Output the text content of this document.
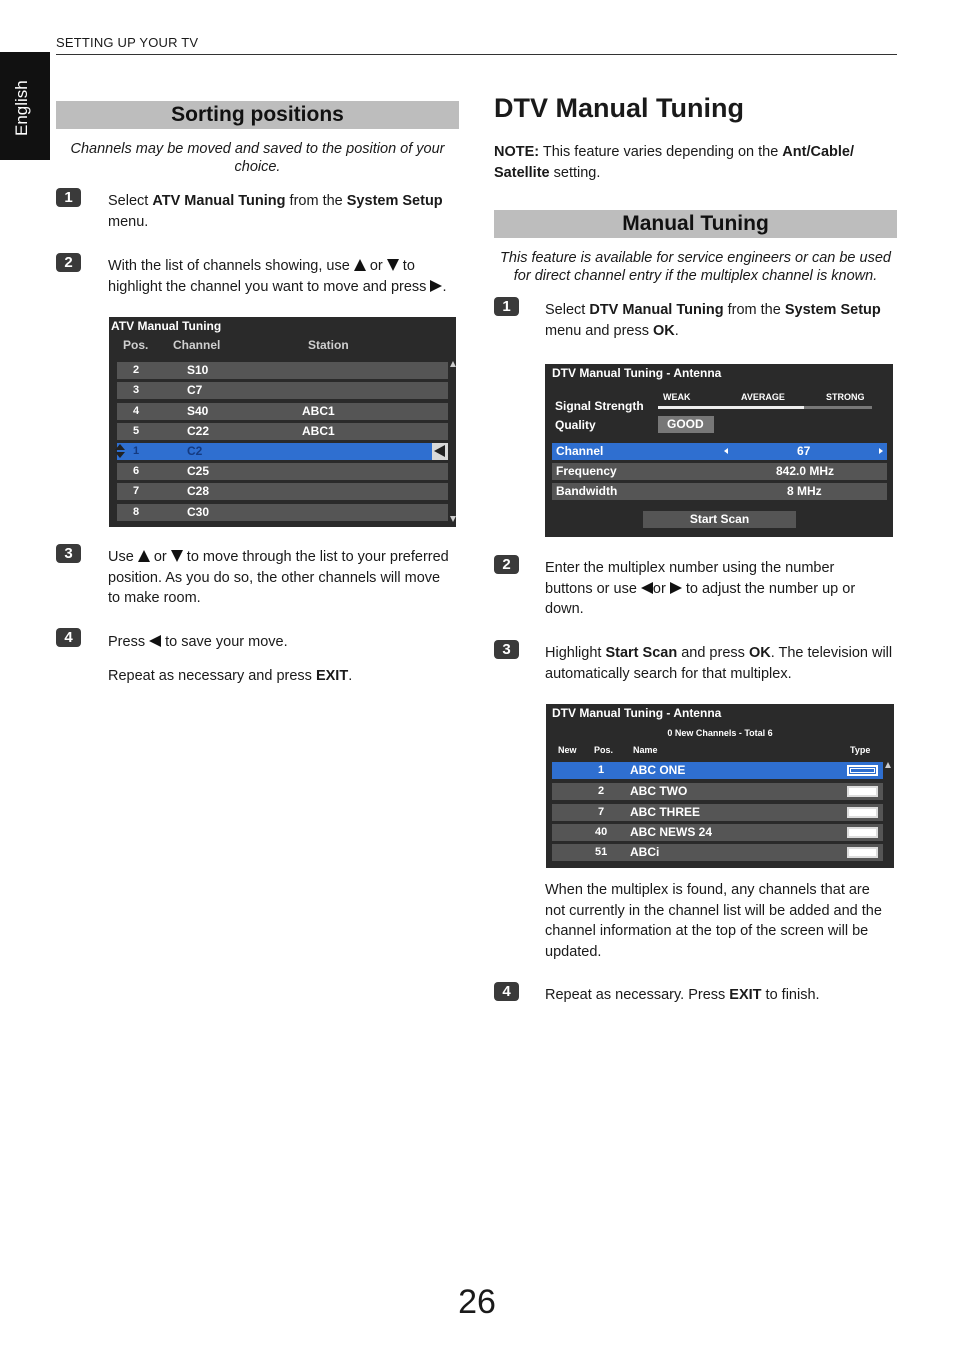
SETTING UP YOUR TV
English	Sorting positions
Channels may be moved and saved to the position of your choice.
1	Select ATV Manual Tuning from the System Setup
menu.
2	With the list of channels showing, use  or  to
highlight the channel you want to move and press .
ATV Manual Tuning
Pos. Channel	Station
2	S10
3	C7
4	S40	ABC1
5	C22	ABC1
1	C2
6	C25
7	C28
8	C30
3	Use  or  to move through the list to your preferred
position. As you do so, the other channels will move
to make room.
4	Press  to save your move.
Repeat as necessary and press EXIT.
DTV Manual Tuning
NOTE: This feature varies depending on the Ant/Cable/
Satellite setting.
Manual Tuning
This feature is available for service engineers or can be used for direct channel entry if the multiplex channel is known.
1	Select DTV Manual Tuning from the System Setup
menu and press OK.
DTV Manual Tuning - Antenna
Signal Strength
WEAK	AVERAGE	STRONG
Quality	GOOD
Channel	67
Frequency	842.0 MHz
Bandwidth	8 MHz
Start Scan
2	Enter the multiplex number using the number
buttons or use or  to adjust the number up or
down.
3	Highlight Start Scan and press OK. The television will
automatically search for that multiplex.
DTV Manual Tuning - Antenna
0 New Channels - Total 6
New Pos. Name	Type
1 ABC ONE
2 ABC TWO
7 ABC THREE
40 ABC NEWS 24
51 ABCi
When the multiplex is found, any channels that are
not currently in the channel list will be added and the
channel information at the top of the screen will be
updated.
4	Repeat as necessary. Press EXIT to finish.
26
